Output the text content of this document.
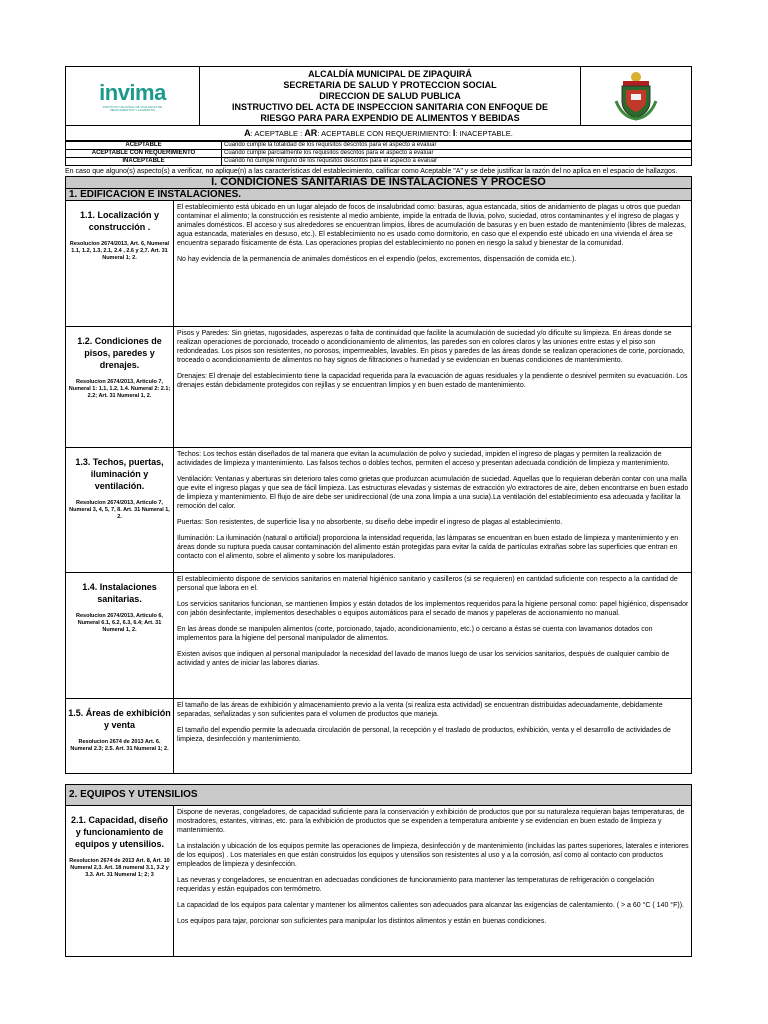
invima
INSTITUTO NACIONAL DE VIGILANCIA DE MEDICAMENTOS Y ALIMENTOS
ALCALDÍA MUNICIPAL DE ZIPAQUIRÁ
SECRETARIA DE SALUD Y PROTECCION SOCIAL
DIRECCION DE SALUD PUBLICA
INSTRUCTIVO DEL ACTA DE INSPECCION SANITARIA CON ENFOQUE DE
RIESGO PARA PARA EXPENDIO DE ALIMENTOS Y BEBIDAS
A: ACEPTABLE : AR: ACEPTABLE CON REQUERIMIENTO: I: INACEPTABLE.
ACEPTABLE	Cuando cumple la totalidad de los requisitos descritos para el aspecto a evaluar
ACEPTABLE CON REQUERIMIENTO	Cuando cumple parcialmente los requisitos descritos para el aspecto a evaluar
INACEPTABLE	Cuando no cumple ninguno de los requisitos descritos para el aspecto a evaluar
En caso que alguno(s) aspecto(s) a verificar, no aplique(n) a las características del establecimiento, calificar como Aceptable "A" y se debe justificar la razón del no aplica en el espacio de hallazgos.
I. CONDICIONES SANITARIAS DE INSTALACIONES Y PROCESO
1. EDIFICACION E INSTALACIONES.
1.1. Localización y construcción .
Resolucion 2674/2013, Art. 6, Numeral 1.1, 1.2, 1.3, 2.1, 2.4 , 2.6 y 2,7. Art. 31 Numeral 1; 2.

El establecimiento está ubicado en un lugar alejado de focos de insalubridad como: basuras, agua estancada, sitios de anidamiento de plagas u otros que puedan contaminar el alimento; la construcción es resistente al medio ambiente, impide la entrada de lluvia, polvo, suciedad, otros contaminantes y el ingreso de plagas y animales domésticos. El acceso y sus alrededores se encuentran limpios, libres de acumulación de basuras y en buen estado de mantenimiento (libres de malezas, agua estancada, materiales en desuso, etc.). El establecimiento no es usado como dormitorio, en caso que el expendio esté ubicado en una vivienda el área se encuentra separado físicamente de ésta. Las operaciones propias del establecimiento no ponen en riesgo la salud y bienestar de la comunidad.

No hay evidencia de la permanencia de animales domésticos en el expendio (pelos, excrementos, dispensación de comida etc.).

1.2. Condiciones de pisos, paredes y drenajes.
Resolucion 2674/2013, Articulo 7, Numeral 1: 1.1, 1.2, 1.4. Numeral 2: 2.1; 2.2; Art. 31 Numeral 1, 2.

Pisos y Paredes: Sin grietas, rugosidades, asperezas o falta de continuidad que facilite la acumulación de suciedad y/o dificulte su limpieza. En áreas donde se realizan operaciones de porcionado, troceado o acondicionamiento de alimentos, las paredes son en colores claros y las uniones entre estas y el piso son redondeadas. Los pisos son resistentes, no porosos, impermeables, lavables. En pisos y paredes de las áreas donde se realizan operaciones de corte, porcionado, troceado o acondicionamiento de alimentos no hay signos de filtraciones o humedad y se evidencian en buenas condiciones de mantenimiento.

Drenajes: El drenaje del establecimiento tiene la capacidad requerida para la evacuación de aguas residuales y la pendiente o desnivel permiten su evacuación. Los drenajes están debidamente protegidos con rejillas y se encuentran limpios y en buen estado de mantenimiento.

1.3. Techos, puertas, iluminación y ventilación.
Resolucion 2674/2013, Articulo 7, Numeral 3, 4, 5, 7, 8. Art. 31 Numeral 1, 2.

Techos: Los techos están diseñados de tal manera que evitan la acumulación de polvo y suciedad, impiden el ingreso de plagas y permiten la realización de actividades de limpieza y mantenimiento. Las falsos techos o dobles techos, permiten el acceso y presentan adecuada condición de limpieza y mantenimiento.

Ventilación: Ventanas y aberturas sin deterioro tales como grietas que produzcan acumulación de suciedad. Aquellas que lo requieran deberán contar con una malla que evite el ingreso plagas y que sea de fácil limpieza. Las estructuras elevadas y sistemas de extracción y/o extractores de aire, deben encontrarse en buen estado de limpieza y mantenimiento. El flujo de aire debe ser unidireccional (de una zona limpia a una sucia).La ventilación del establecimiento esa adecuada y facilitar la remoción del calor.

Puertas: Son resistentes, de superficie lisa y no absorbente, su diseño debe impedir el ingreso de plagas al establecimiento.

Iluminación: La iluminación (natural o artificial) proporciona la intensidad requerida, las lámparas se encuentran en buen estado de limpieza y mantenimiento y en áreas donde su ruptura pueda causar contaminación del alimento están protegidas para evitar la caída de partículas extrañas sobre las superficies que entran en contacto con el alimento, sobre el alimento y sobre los manipuladores.

1.4. Instalaciones sanitarias.
Resolucion 2674/2013, Articulo 6, Numeral 6.1, 6.2, 6.3, 6.4; Art. 31 Numeral 1, 2.

El establecimiento dispone de servicios sanitarios en material higiénico sanitario y casilleros (si se requieren) en cantidad suficiente con respecto a la cantidad de personal que labora en el.

Los servicios sanitarios funcionan, se mantienen limpios y están dotados de los implementos requeridos para la higiene personal como: papel higiénico, dispensador con jabón desinfectante, implementos desechables o equipos automáticos para el secado de manos y papeleras de accionamiento no manual.

En las áreas donde se manipulen alimentos (corte, porcionado, tajado, acondicionamiento, etc.) o cercano a éstas se cuenta con lavamanos dotados con implementos para la higiene del personal manipulador de alimentos.

Existen avisos que indiquen al personal manipulador la necesidad del lavado de manos luego de usar los servicios sanitarios, después de cualquier cambio de actividad y antes de iniciar las labores diarias.

1.5. Áreas de exhibición y venta
Resolucion 2674 de 2013 Art. 6. Numeral 2.3; 2.5. Art. 31 Numeral 1; 2.

El tamaño de las áreas de exhibición y almacenamiento previo a la venta (si realiza esta actividad) se encuentran distribuidas adecuadamente, debidamente separadas, señalizadas y son suficientes para el volumen de productos que maneja.

El tamaño del expendio permite la adecuada circulación de personal, la recepción y el traslado de productos, exhibición, venta y el desarrollo de actividades de limpieza, desinfección y mantenimiento.

2. EQUIPOS Y UTENSILIOS
2.1. Capacidad, diseño y funcionamiento de equipos y utensilios.
Resolucion 2674 de 2013 Art. 8, Art. 10 Numeral 2,3. Art. 18 numeral 3.1, 3.2 y 3.3. Art. 31 Numeral 1; 2; 3

Dispone de neveras, congeladores, de capacidad suficiente para la conservación y exhibición de productos que por su naturaleza requieran bajas temperaturas, de mostradores, estantes, vitrinas, etc. para la exhibición de productos que se expenden a temperatura ambiente y se evidencian en buen estado de limpieza y mantenimiento.

La instalación y ubicación de los equipos permite las operaciones de limpieza, desinfección y de mantenimiento (incluidas las partes superiores, laterales e interiores de los equipos) . Los materiales en que están construidos los equipos y utensilios son resistentes al uso y a la corrosión, así como al contacto con productos empleados de limpieza y desinfección.

Las neveras y congeladores, se encuentran en adecuadas condiciones de funcionamiento para mantener las temperaturas de refrigeración o congelación requeridas y están equipados con termómetro.

La capacidad de los equipos para calentar y mantener los alimentos calientes son adecuados para alcanzar las exigencias de calentamiento. ( > a 60 °C ( 140 °F)).

Los equipos para tajar, porcionar son suficientes para manipular los distintos alimentos y están en buenas condiciones.
